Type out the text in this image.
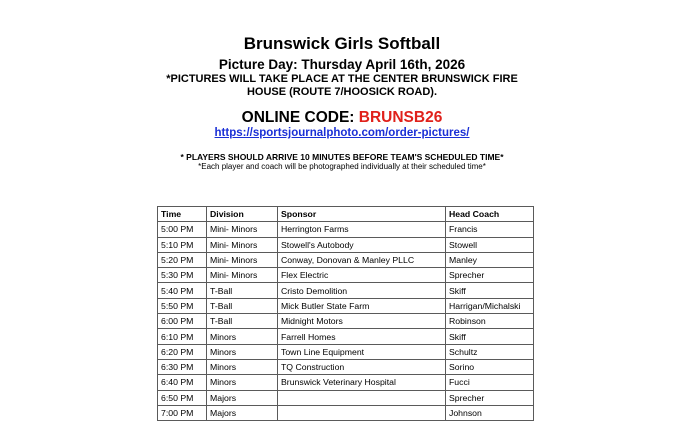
Brunswick Girls Softball
Picture Day: Thursday April 16th, 2026
*PICTURES WILL TAKE PLACE AT THE CENTER BRUNSWICK FIRE
HOUSE (ROUTE 7/HOOSICK ROAD).
ONLINE CODE: BRUNSB26
https://sportsjournalphoto.com/order-pictures/
* PLAYERS SHOULD ARRIVE 10 MINUTES BEFORE TEAM'S SCHEDULED TIME*
*Each player and coach will be photographed individually at their scheduled time*
Time	Division	Sponsor	Head Coach
5:00 PM	Mini- Minors	Herrington Farms	Francis
5:10 PM	Mini- Minors	Stowell's Autobody	Stowell
5:20 PM	Mini- Minors	Conway, Donovan & Manley PLLC	Manley
5:30 PM	Mini- Minors	Flex Electric	Sprecher
5:40 PM	T-Ball	Cristo Demolition	Skiff
5:50 PM	T-Ball	Mick Butler State Farm	Harrigan/Michalski
6:00 PM	T-Ball	Midnight Motors	Robinson
6:10 PM	Minors	Farrell Homes	Skiff
6:20 PM	Minors	Town Line Equipment	Schultz
6:30 PM	Minors	TQ Construction	Sorino
6:40 PM	Minors	Brunswick Veterinary Hospital	Fucci
6:50 PM	Majors		Sprecher
7:00 PM	Majors		Johnson
